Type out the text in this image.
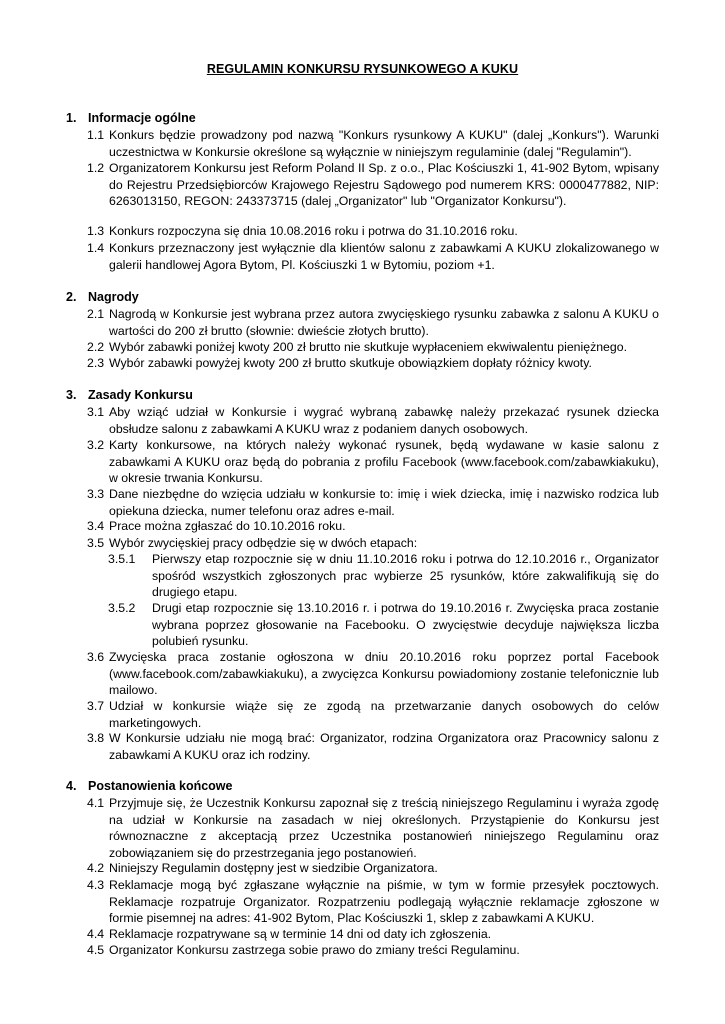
REGULAMIN KONKURSU RYSUNKOWEGO A KUKU
1. Informacje ogólne
1.1 Konkurs będzie prowadzony pod nazwą "Konkurs rysunkowy A KUKU" (dalej „Konkurs"). Warunki uczestnictwa w Konkursie określone są wyłącznie w niniejszym regulaminie (dalej "Regulamin").
1.2 Organizatorem Konkursu jest Reform Poland II Sp. z o.o., Plac Kościuszki 1, 41-902 Bytom, wpisany do Rejestru Przedsiębiorców Krajowego Rejestru Sądowego pod numerem KRS: 0000477882, NIP: 6263013150, REGON: 243373715 (dalej „Organizator" lub "Organizator Konkursu").
1.3 Konkurs rozpoczyna się dnia 10.08.2016 roku i potrwa do 31.10.2016 roku.
1.4 Konkurs przeznaczony jest wyłącznie dla klientów salonu z zabawkami A KUKU zlokalizowanego w galerii handlowej Agora Bytom, Pl. Kościuszki 1 w Bytomiu, poziom +1.
2. Nagrody
2.1 Nagrodą w Konkursie jest wybrana przez autora zwycięskiego rysunku zabawka z salonu A KUKU o wartości do 200 zł brutto (słownie: dwieście złotych brutto).
2.2 Wybór zabawki poniżej kwoty 200 zł brutto nie skutkuje wypłaceniem ekwiwalentu pieniężnego.
2.3 Wybór zabawki powyżej kwoty 200 zł brutto skutkuje obowiązkiem dopłaty różnicy kwoty.
3. Zasady Konkursu
3.1 Aby wziąć udział w Konkursie i wygrać wybraną zabawkę należy przekazać rysunek dziecka obsłudze salonu z zabawkami A KUKU wraz z podaniem danych osobowych.
3.2 Karty konkursowe, na których należy wykonać rysunek, będą wydawane w kasie salonu z zabawkami A KUKU oraz będą do pobrania z profilu Facebook (www.facebook.com/zabawkiakuku), w okresie trwania Konkursu.
3.3 Dane niezbędne do wzięcia udziału w konkursie to: imię i wiek dziecka, imię i nazwisko rodzica lub opiekuna dziecka, numer telefonu oraz adres e-mail.
3.4 Prace można zgłaszać do 10.10.2016 roku.
3.5 Wybór zwycięskiej pracy odbędzie się w dwóch etapach:
3.5.1	Pierwszy etap rozpocznie się w dniu 11.10.2016 roku i potrwa do 12.10.2016 r., Organizator spośród wszystkich zgłoszonych prac wybierze 25 rysunków, które zakwalifikują się do drugiego etapu.
3.5.2	Drugi etap rozpocznie się 13.10.2016 r. i potrwa do 19.10.2016 r. Zwycięska praca zostanie wybrana poprzez głosowanie na Facebooku. O zwycięstwie decyduje największa liczba polubień rysunku.
3.6 Zwycięska praca zostanie ogłoszona w dniu 20.10.2016 roku poprzez portal Facebook (www.facebook.com/zabawkiakuku), a zwycięzca Konkursu powiadomiony zostanie telefonicznie lub mailowo.
3.7 Udział w konkursie wiąże się ze zgodą na przetwarzanie danych osobowych do celów marketingowych.
3.8 W Konkursie udziału nie mogą brać: Organizator, rodzina Organizatora oraz Pracownicy salonu z zabawkami A KUKU oraz ich rodziny.
4. Postanowienia końcowe
4.1 Przyjmuje się, że Uczestnik Konkursu zapoznał się z treścią niniejszego Regulaminu i wyraża zgodę na udział w Konkursie na zasadach w niej określonych. Przystąpienie do Konkursu jest równoznaczne z akceptacją przez Uczestnika postanowień niniejszego Regulaminu oraz zobowiązaniem się do przestrzegania jego postanowień.
4.2 Niniejszy Regulamin dostępny jest w siedzibie Organizatora.
4.3 Reklamacje mogą być zgłaszane wyłącznie na piśmie, w tym w formie przesyłek pocztowych. Reklamacje rozpatruje Organizator. Rozpatrzeniu podlegają wyłącznie reklamacje zgłoszone w formie pisemnej na adres: 41-902 Bytom, Plac Kościuszki 1, sklep z zabawkami A KUKU.
4.4 Reklamacje rozpatrywane są w terminie 14 dni od daty ich zgłoszenia.
4.5 Organizator Konkursu zastrzega sobie prawo do zmiany treści Regulaminu.
